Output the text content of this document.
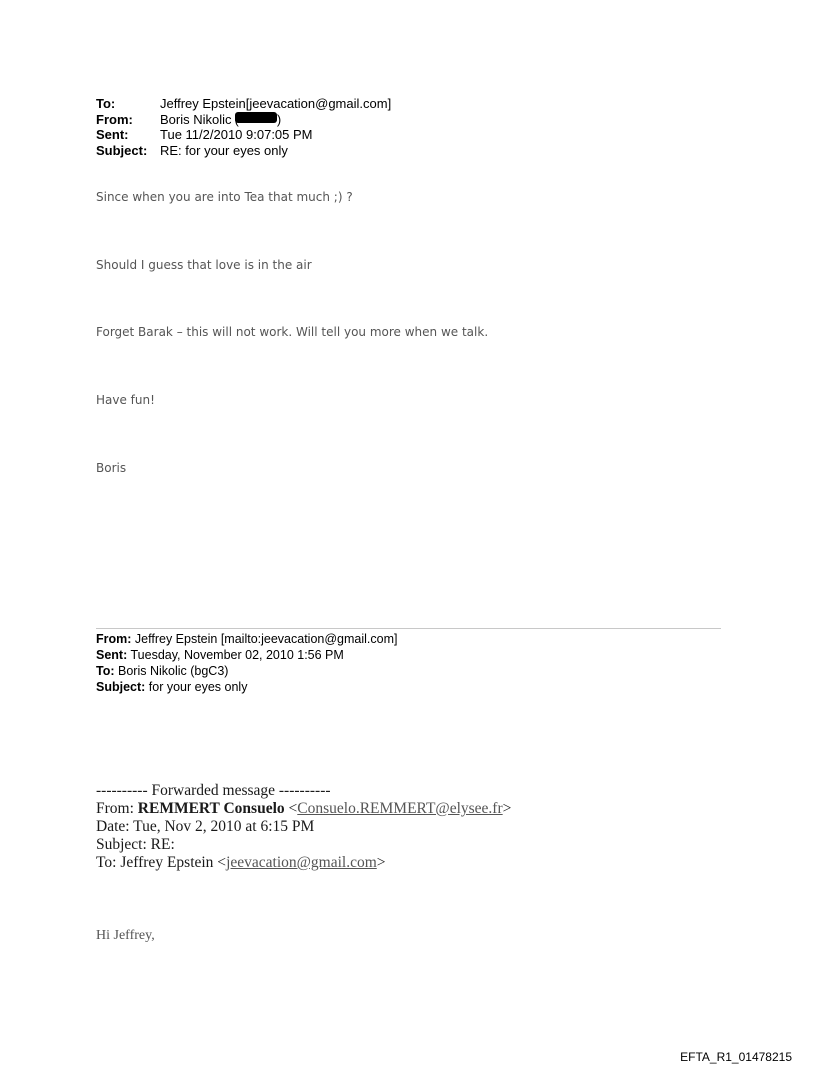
To:	Jeffrey Epstein[jeevacation@gmail.com]
From:	Boris Nikolic	)
Sent:	Tue 11/2/2010 9:07:05 PM
Subject: RE: for your eyes only
Since when you are into Tea that much ;) ?
Should I guess that love is in the air
Forget Barak – this will not work. Will tell you more when we talk.
Have fun!
Boris
From: Jeffrey Epstein [mailto:jeevacation@gmail.com]
Sent: Tuesday, November 02, 2010 1:56 PM
To: Boris Nikolic (bgC3)
Subject: for your eyes only
---------- Forwarded message ----------
From: REMMERT Consuelo <Consuelo.REMMERT@elysee.fr>
Date: Tue, Nov 2, 2010 at 6:15 PM
Subject: RE:
To: Jeffrey Epstein <jeevacation@gmail.com>
Hi Jeffrey,
EFTA_R1_01478215
